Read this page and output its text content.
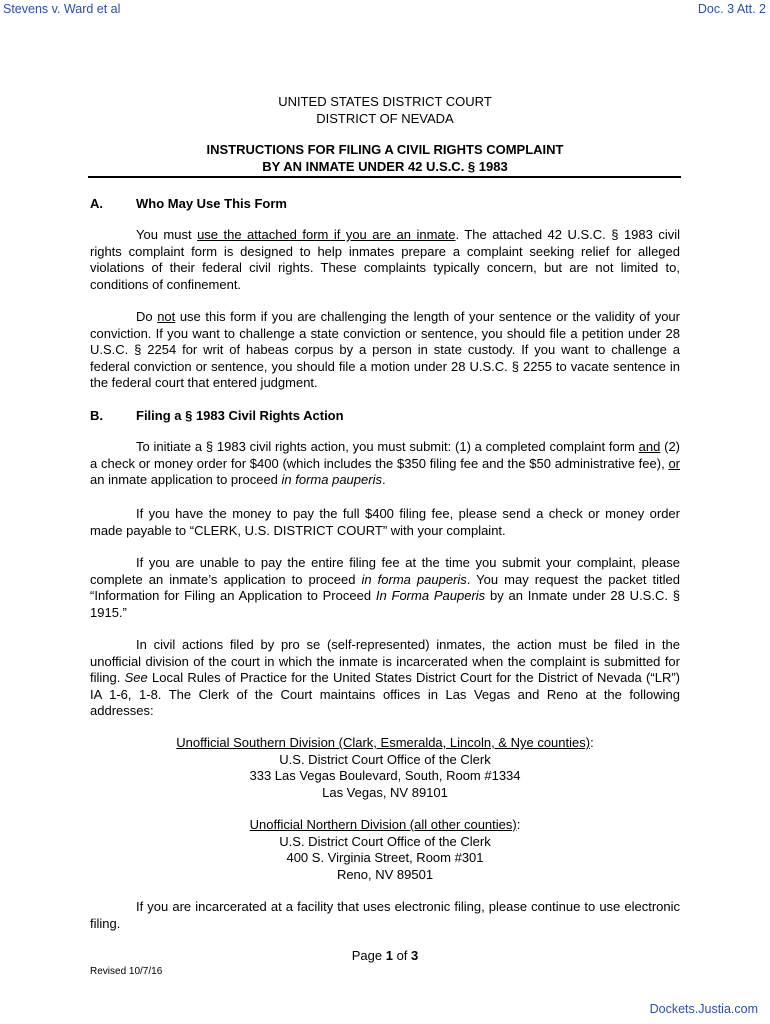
Stevens v. Ward et al	Doc. 3 Att. 2
UNITED STATES DISTRICT COURT
DISTRICT OF NEVADA
INSTRUCTIONS FOR FILING A CIVIL RIGHTS COMPLAINT
BY AN INMATE UNDER 42 U.S.C. § 1983
A.	Who May Use This Form

You must use the attached form if you are an inmate. The attached 42 U.S.C. § 1983 civil rights complaint form is designed to help inmates prepare a complaint seeking relief for alleged violations of their federal civil rights. These complaints typically concern, but are not limited to, conditions of confinement.

Do not use this form if you are challenging the length of your sentence or the validity of your conviction. If you want to challenge a state conviction or sentence, you should file a petition under 28 U.S.C. § 2254 for writ of habeas corpus by a person in state custody. If you want to challenge a federal conviction or sentence, you should file a motion under 28 U.S.C. § 2255 to vacate sentence in the federal court that entered judgment.

B.	Filing a § 1983 Civil Rights Action

To initiate a § 1983 civil rights action, you must submit: (1) a completed complaint form and (2) a check or money order for $400 (which includes the $350 filing fee and the $50 administrative fee), or an inmate application to proceed in forma pauperis.

If you have the money to pay the full $400 filing fee, please send a check or money order made payable to “CLERK, U.S. DISTRICT COURT” with your complaint.

If you are unable to pay the entire filing fee at the time you submit your complaint, please complete an inmate’s application to proceed in forma pauperis. You may request the packet titled “Information for Filing an Application to Proceed In Forma Pauperis by an Inmate under 28 U.S.C. § 1915.”

In civil actions filed by pro se (self-represented) inmates, the action must be filed in the unofficial division of the court in which the inmate is incarcerated when the complaint is submitted for filing. See Local Rules of Practice for the United States District Court for the District of Nevada (“LR”) IA 1-6, 1-8. The Clerk of the Court maintains offices in Las Vegas and Reno at the following addresses:

Unofficial Southern Division (Clark, Esmeralda, Lincoln, & Nye counties):
U.S. District Court Office of the Clerk
333 Las Vegas Boulevard, South, Room #1334
Las Vegas, NV 89101
Unofficial Northern Division (all other counties):
U.S. District Court Office of the Clerk
400 S. Virginia Street, Room #301
Reno, NV 89501

If you are incarcerated at a facility that uses electronic filing, please continue to use electronic filing.

Page 1 of 3
Revised 10/7/16
Dockets.Justia.com
